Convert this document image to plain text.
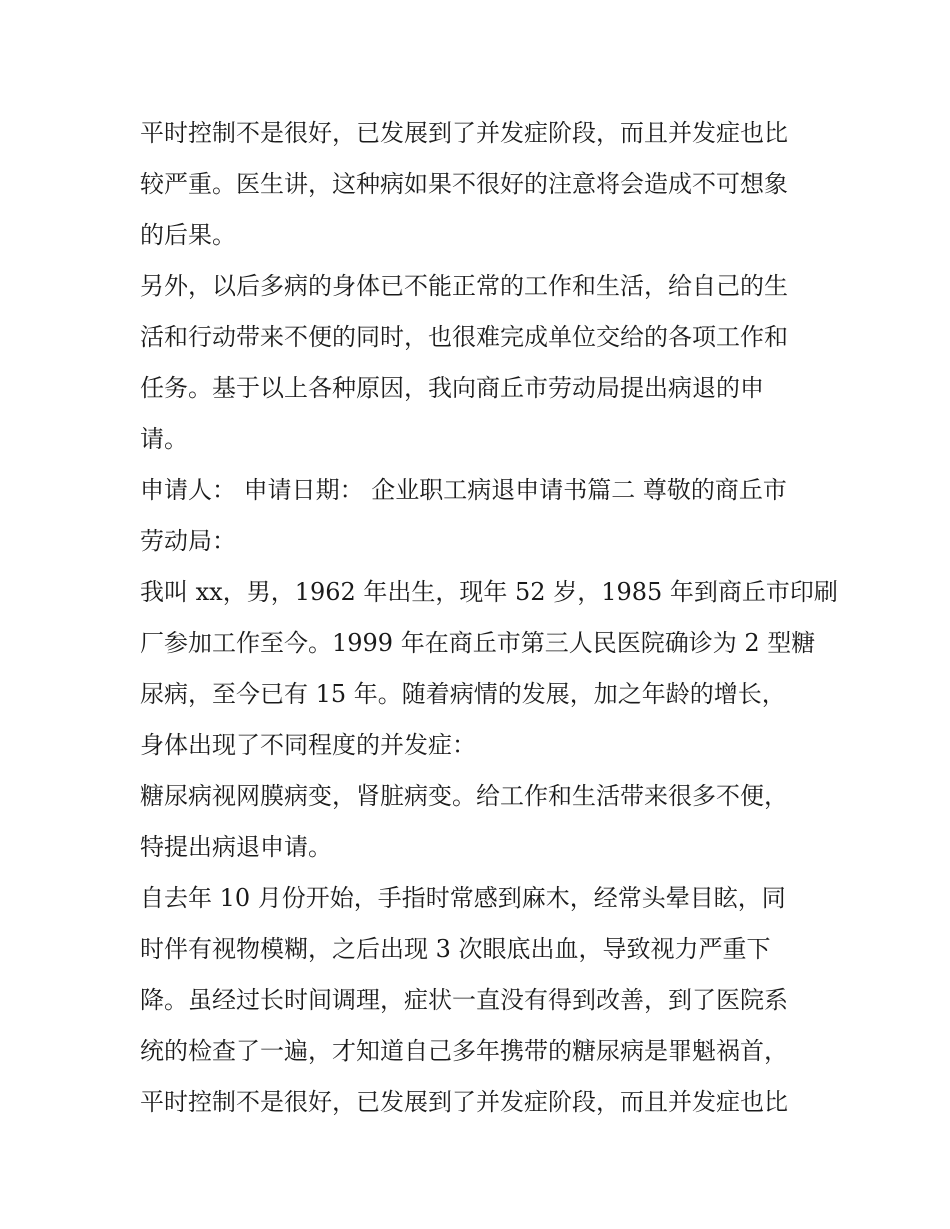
平时控制不是很好，已发展到了并发症阶段，而且并发症也比
较严重。医生讲，这种病如果不很好的注意将会造成不可想象
的后果。
另外，以后多病的身体已不能正常的工作和生活，给自己的生
活和行动带来不便的同时，也很难完成单位交给的各项工作和
任务。基于以上各种原因，我向商丘市劳动局提出病退的申
请。
申请人： 申请日期： 企业职工病退申请书篇二 尊敬的商丘市
劳动局：
我叫 xx，男，1962 年出生，现年 52 岁，1985 年到商丘市印刷
厂参加工作至今。1999 年在商丘市第三人民医院确诊为 2 型糖
尿病，至今已有 15 年。随着病情的发展，加之年龄的增长，
身体出现了不同程度的并发症：
糖尿病视网膜病变，肾脏病变。给工作和生活带来很多不便，
特提出病退申请。
自去年 10 月份开始，手指时常感到麻木，经常头晕目眩，同
时伴有视物模糊，之后出现 3 次眼底出血，导致视力严重下
降。虽经过长时间调理，症状一直没有得到改善，到了医院系
统的检查了一遍，才知道自己多年携带的糖尿病是罪魁祸首，
平时控制不是很好，已发展到了并发症阶段，而且并发症也比
